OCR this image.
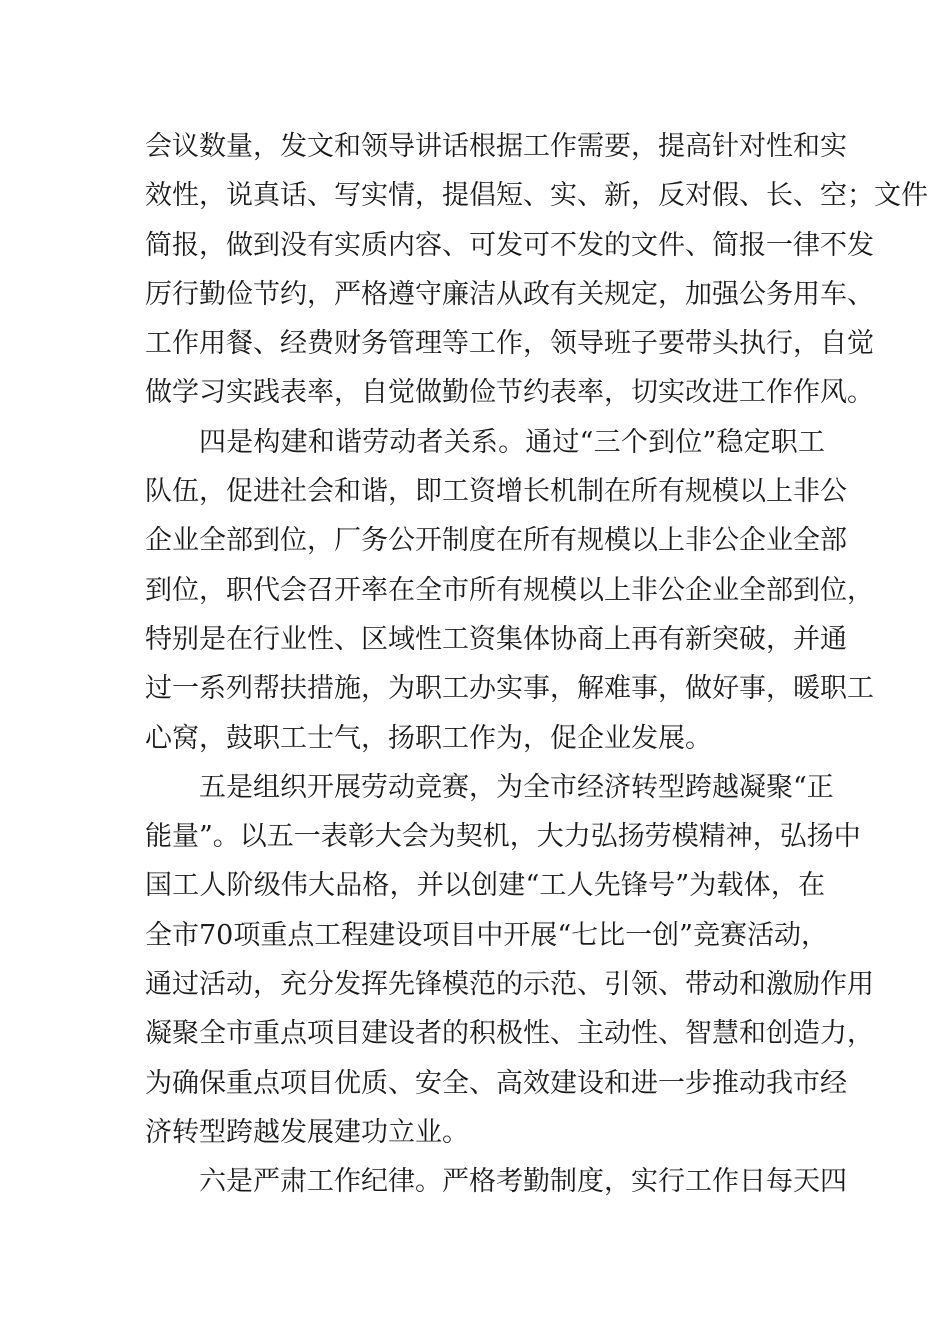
会议数量，发文和领导讲话根据工作需要，提高针对性和实
效性，说真话、写实情，提倡短、实、新，反对假、长、空；文件
简报，做到没有实质内容、可发可不发的文件、简报一律不发
厉行勤俭节约，严格遵守廉洁从政有关规定，加强公务用车、
工作用餐、经费财务管理等工作，领导班子要带头执行，自觉
做学习实践表率，自觉做勤俭节约表率，切实改进工作作风。
四是构建和谐劳动者关系。通过“三个到位”稳定职工
队伍，促进社会和谐，即工资增长机制在所有规模以上非公
企业全部到位，厂务公开制度在所有规模以上非公企业全部
到位，职代会召开率在全市所有规模以上非公企业全部到位，
特别是在行业性、区域性工资集体协商上再有新突破，并通
过一系列帮扶措施，为职工办实事，解难事，做好事，暖职工
心窝，鼓职工士气，扬职工作为，促企业发展。
五是组织开展劳动竞赛，为全市经济转型跨越凝聚“正
能量”。以五一表彰大会为契机，大力弘扬劳模精神，弘扬中
国工人阶级伟大品格，并以创建“工人先锋号”为载体，在
全市70项重点工程建设项目中开展“七比一创”竞赛活动，
通过活动，充分发挥先锋模范的示范、引领、带动和激励作用
凝聚全市重点项目建设者的积极性、主动性、智慧和创造力，
为确保重点项目优质、安全、高效建设和进一步推动我市经
济转型跨越发展建功立业。
六是严肃工作纪律。严格考勤制度，实行工作日每天四
